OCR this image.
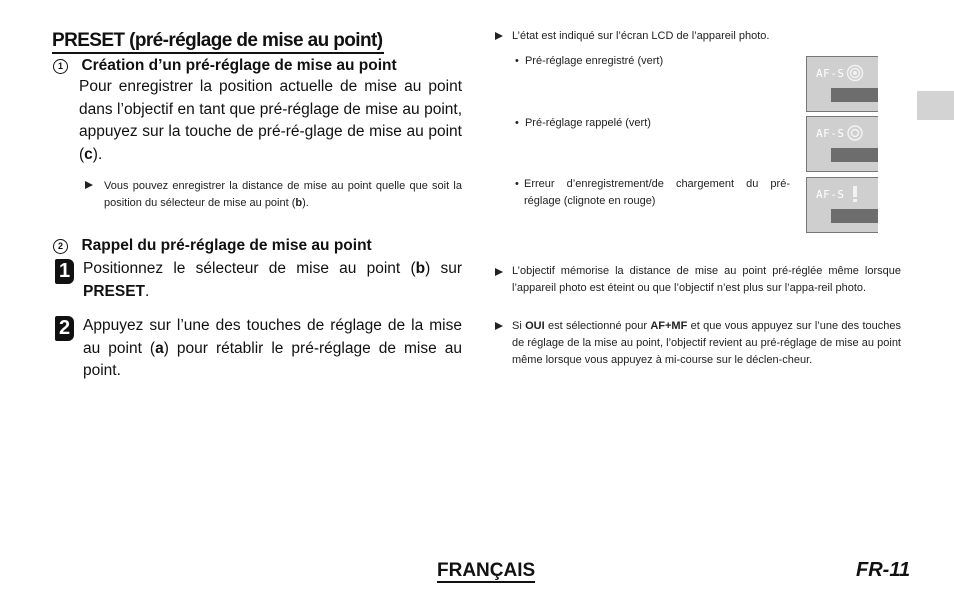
PRESET (pré-réglage de mise au point)
1 Création d’un pré-réglage de mise au point
Pour enregistrer la position actuelle de mise au point dans l’objectif en tant que pré-réglage de mise au point, appuyez sur la touche de pré-ré-glage de mise au point (c).
Vous pouvez enregistrer la distance de mise au point quelle que soit la position du sélecteur de mise au point (b).
2 Rappel du pré-réglage de mise au point
1 Positionnez le sélecteur de mise au point (b) sur PRESET.
2 Appuyez sur l’une des touches de réglage de la mise au point (a) pour rétablir le pré-réglage de mise au point.
L’état est indiqué sur l’écran LCD de l’appareil photo.
•  Pré-réglage enregistré (vert)
AF-S
•  Pré-réglage rappelé (vert)
AF-S
• Erreur d’enregistrement/de chargement du pré-réglage (clignote en rouge)	AF-S
L’objectif mémorise la distance de mise au point pré-réglée même lorsque l’appareil photo est éteint ou que l’objectif n’est plus sur l’appa-reil photo.
Si OUI est sélectionné pour AF+MF et que vous appuyez sur l’une des touches de réglage de la mise au point, l’objectif revient au pré-réglage de mise au point même lorsque vous appuyez à mi-course sur le déclen-cheur.
FRANÇAIS	FR-11
